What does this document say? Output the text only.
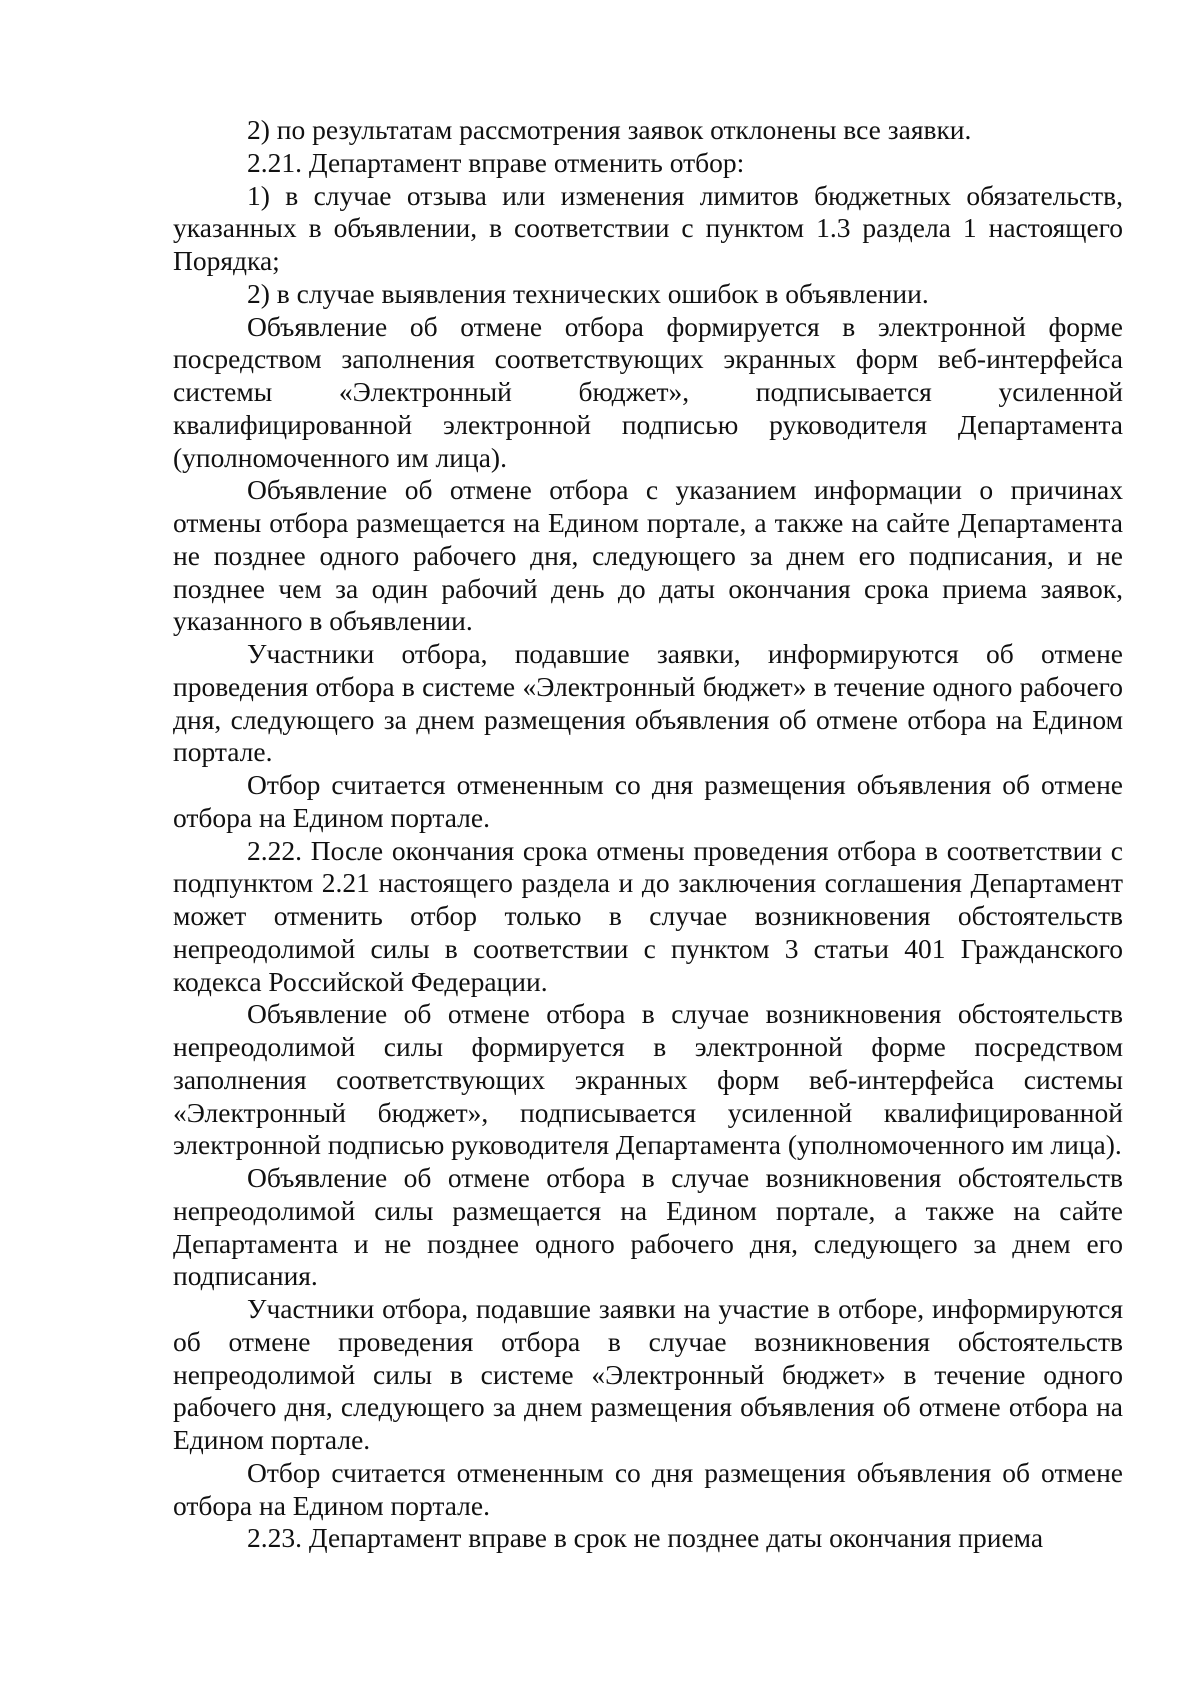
2) по результатам рассмотрения заявок отклонены все заявки.

2.21. Департамент вправе отменить отбор:

1) в случае отзыва или изменения лимитов бюджетных обязательств, указанных в объявлении, в соответствии с пунктом 1.3 раздела 1 настоящего Порядка;

2) в случае выявления технических ошибок в объявлении.

Объявление об отмене отбора формируется в электронной форме посредством заполнения соответствующих экранных форм веб-интерфейса системы «Электронный бюджет», подписывается усиленной квалифицированной электронной подписью руководителя Департамента (уполномоченного им лица).

Объявление об отмене отбора с указанием информации о причинах отмены отбора размещается на Едином портале, а также на сайте Департамента не позднее одного рабочего дня, следующего за днем его подписания, и не позднее чем за один рабочий день до даты окончания срока приема заявок, указанного в объявлении.

Участники отбора, подавшие заявки, информируются об отмене проведения отбора в системе «Электронный бюджет» в течение одного рабочего дня, следующего за днем размещения объявления об отмене отбора на Едином портале.

Отбор считается отмененным со дня размещения объявления об отмене отбора на Едином портале.

2.22. После окончания срока отмены проведения отбора в соответствии с подпунктом 2.21 настоящего раздела и до заключения соглашения Департамент может отменить отбор только в случае возникновения обстоятельств непреодолимой силы в соответствии с пунктом 3 статьи 401 Гражданского кодекса Российской Федерации.

Объявление об отмене отбора в случае возникновения обстоятельств непреодолимой силы формируется в электронной форме посредством заполнения соответствующих экранных форм веб-интерфейса системы «Электронный бюджет», подписывается усиленной квалифицированной электронной подписью руководителя Департамента (уполномоченного им лица).

Объявление об отмене отбора в случае возникновения обстоятельств непреодолимой силы размещается на Едином портале, а также на сайте Департамента и не позднее одного рабочего дня, следующего за днем его подписания.

Участники отбора, подавшие заявки на участие в отборе, информируются об отмене проведения отбора в случае возникновения обстоятельств непреодолимой силы в системе «Электронный бюджет» в течение одного рабочего дня, следующего за днем размещения объявления об отмене отбора на Едином портале.

Отбор считается отмененным со дня размещения объявления об отмене отбора на Едином портале.

2.23. Департамент вправе в срок не позднее даты окончания приема
